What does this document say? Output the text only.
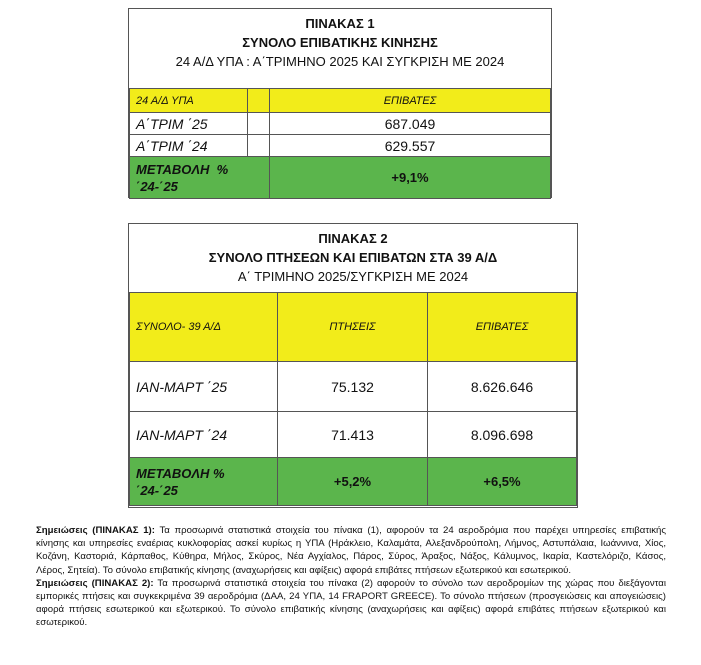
ΠΙΝΑΚΑΣ 1
ΣΥΝΟΛΟ ΕΠΙΒΑΤΙΚΗΣ ΚΙΝΗΣΗΣ
24 Α/Δ ΥΠΑ : Α΄ΤΡΙΜΗΝΟ 2025 ΚΑΙ ΣΥΓΚΡΙΣΗ ΜΕ 2024
24 Α/Δ ΥΠΑ		ΕΠΙΒΑΤΕΣ
Α΄ΤΡΙΜ ΄25		687.049
Α΄ΤΡΙΜ ΄24		629.557
ΜΕΤΑΒΟΛΗ  %
΄24-΄25		+9,1%
ΠΙΝΑΚΑΣ 2
ΣΥΝΟΛΟ ΠΤΗΣΕΩΝ ΚΑΙ ΕΠΙΒΑΤΩΝ ΣΤΑ 39 Α/Δ
Α΄ ΤΡΙΜΗΝΟ 2025/ΣΥΓΚΡΙΣΗ ΜΕ 2024
ΣΥΝΟΛΟ- 39 Α/Δ	ΠΤΗΣΕΙΣ	ΕΠΙΒΑΤΕΣ
ΙΑΝ-ΜΑΡΤ ΄25	75.132	8.626.646
ΙΑΝ-ΜΑΡΤ ΄24	71.413	8.096.698
ΜΕΤΑΒΟΛΗ %
΄24-΄25	+5,2%	+6,5%

Σημειώσεις (ΠΙΝΑΚΑΣ 1): Τα προσωρινά στατιστικά στοιχεία του πίνακα (1), αφορούν τα 24 αεροδρόμια που παρέχει υπηρεσίες επιβατικής κίνησης και υπηρεσίες εναέριας κυκλοφορίας ασκεί κυρίως η ΥΠΑ (Ηράκλειο, Καλαμάτα, Αλεξανδρούπολη, Λήμνος, Αστυπάλαια, Ιωάννινα, Χίος, Κοζάνη, Καστοριά, Κάρπαθος, Κύθηρα, Μήλος, Σκύρος, Νέα Αγχίαλος, Πάρος, Σύρος, Άραξος, Νάξος, Κάλυμνος, Ικαρία, Καστελόριζο, Κάσος, Λέρος, Σητεία). Το σύνολο επιβατικής κίνησης (αναχωρήσεις και αφίξεις) αφορά επιβάτες πτήσεων εξωτερικού και εσωτερικού.

Σημειώσεις (ΠΙΝΑΚΑΣ 2): Τα προσωρινά στατιστικά στοιχεία του πίνακα (2) αφορούν το σύνολο των αεροδρομίων της χώρας που διεξάγονται εμπορικές πτήσεις και συγκεκριμένα 39 αεροδρόμια (ΔΑΑ, 24 ΥΠΑ, 14 FRAPORT GREECE). Το σύνολο πτήσεων (προσγειώσεις και απογειώσεις) αφορά πτήσεις εσωτερικού και εξωτερικού. Το σύνολο επιβατικής κίνησης (αναχωρήσεις και αφίξεις) αφορά επιβάτες πτήσεων εξωτερικού και εσωτερικού.
